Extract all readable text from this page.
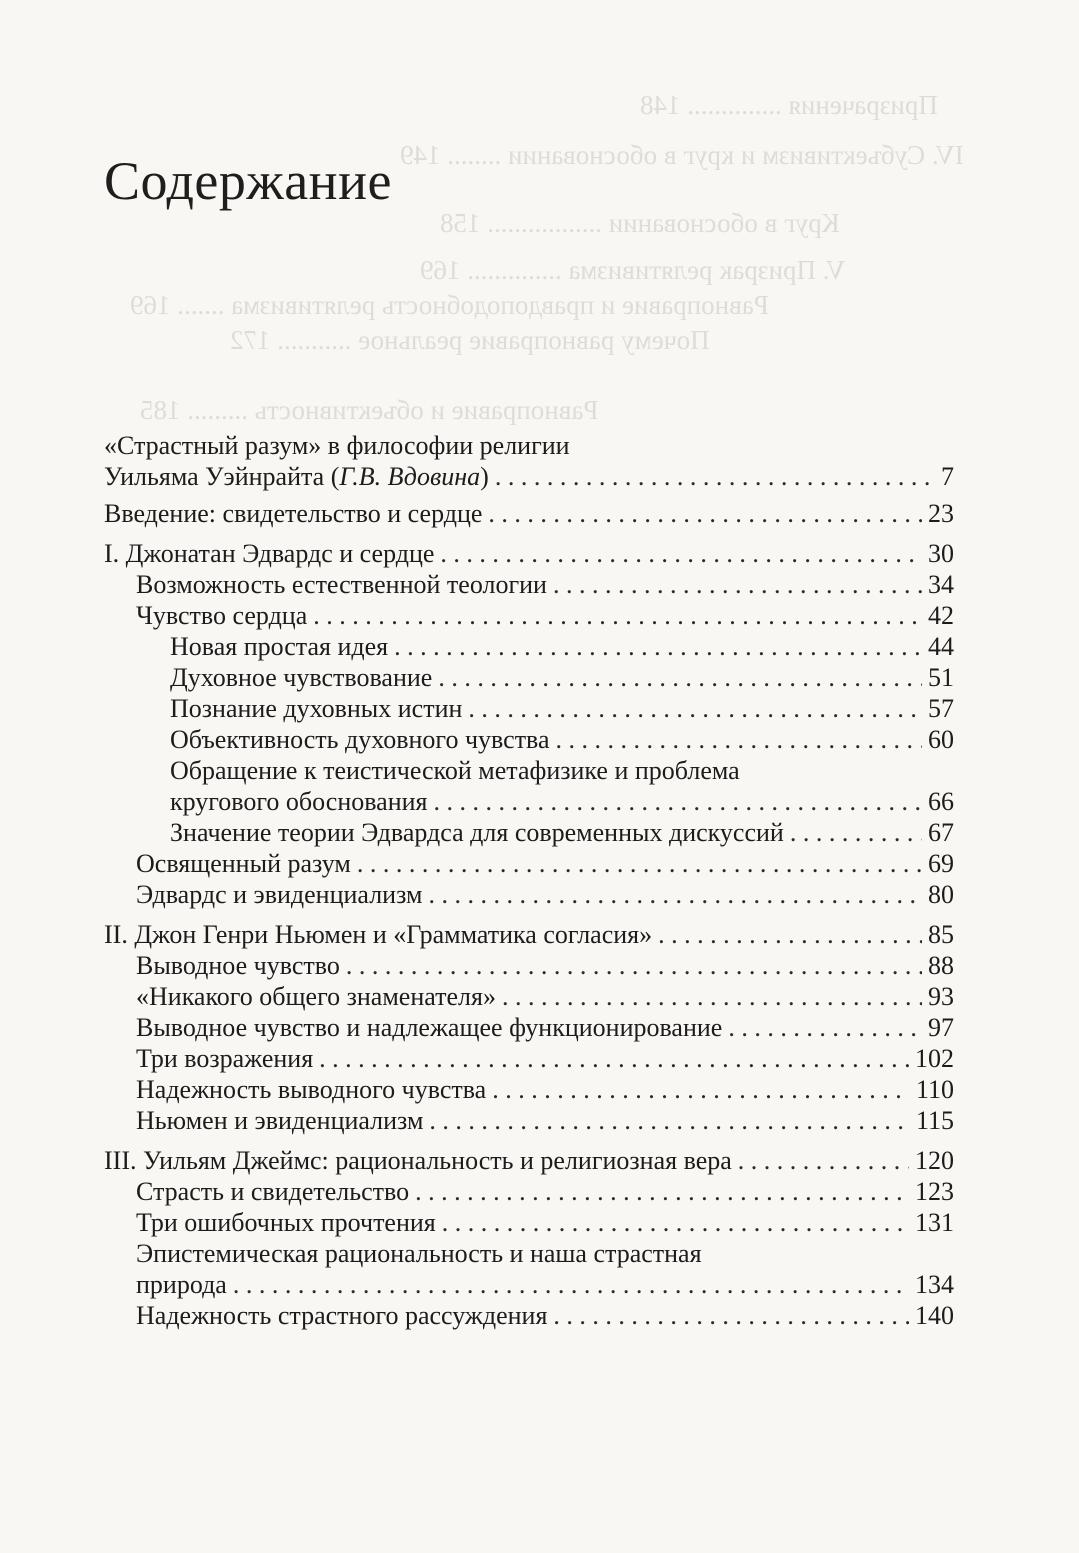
Призрачения .............. 148
IV. Субъективизм и круг в обосновании ........ 149
Круг в обосновании ................. 158
V. Призрак релятивизма .............. 169
Равноправие и правдоподобность релятивизма ....... 169
Почему равноправие реальное ........... 172
Равноправие и объективность ......... 185
Содержание
«Страстный разум» в философии религии
Уильяма Уэйнрайта (Г.В. Вдовина) . . .	7
Введение: свидетельство и сердце . . .	23
I. Джонатан Эдвардс и сердце . . .	30
Возможность естественной теологии . . .	34
Чувство сердца . . .	42
Новая простая идея . . .	44
Духовное чувствование . . .	51
Познание духовных истин . . .	57
Объективность духовного чувства . . .	60
Обращение к теистической метафизике и проблема
кругового обоснования . . .	66
Значение теории Эдвардса для современных дискуссий . . .	67
Освященный разум . . .	69
Эдвардс и эвиденциализм . . .	80
II. Джон Генри Ньюмен и «Грамматика согласия» . . .	85
Выводное чувство . . .	88
«Никакого общего знаменателя» . . .	93
Выводное чувство и надлежащее функционирование . . .	97
Три возражения . . .	102
Надежность выводного чувства . . .	110
Ньюмен и эвиденциализм . . .	115
III. Уильям Джеймс: рациональность и религиозная вера . . .	120
Страсть и свидетельство . . .	123
Три ошибочных прочтения . . .	131
Эпистемическая рациональность и наша страстная
природа . . .	134
Надежность страстного рассуждения . . .	140
